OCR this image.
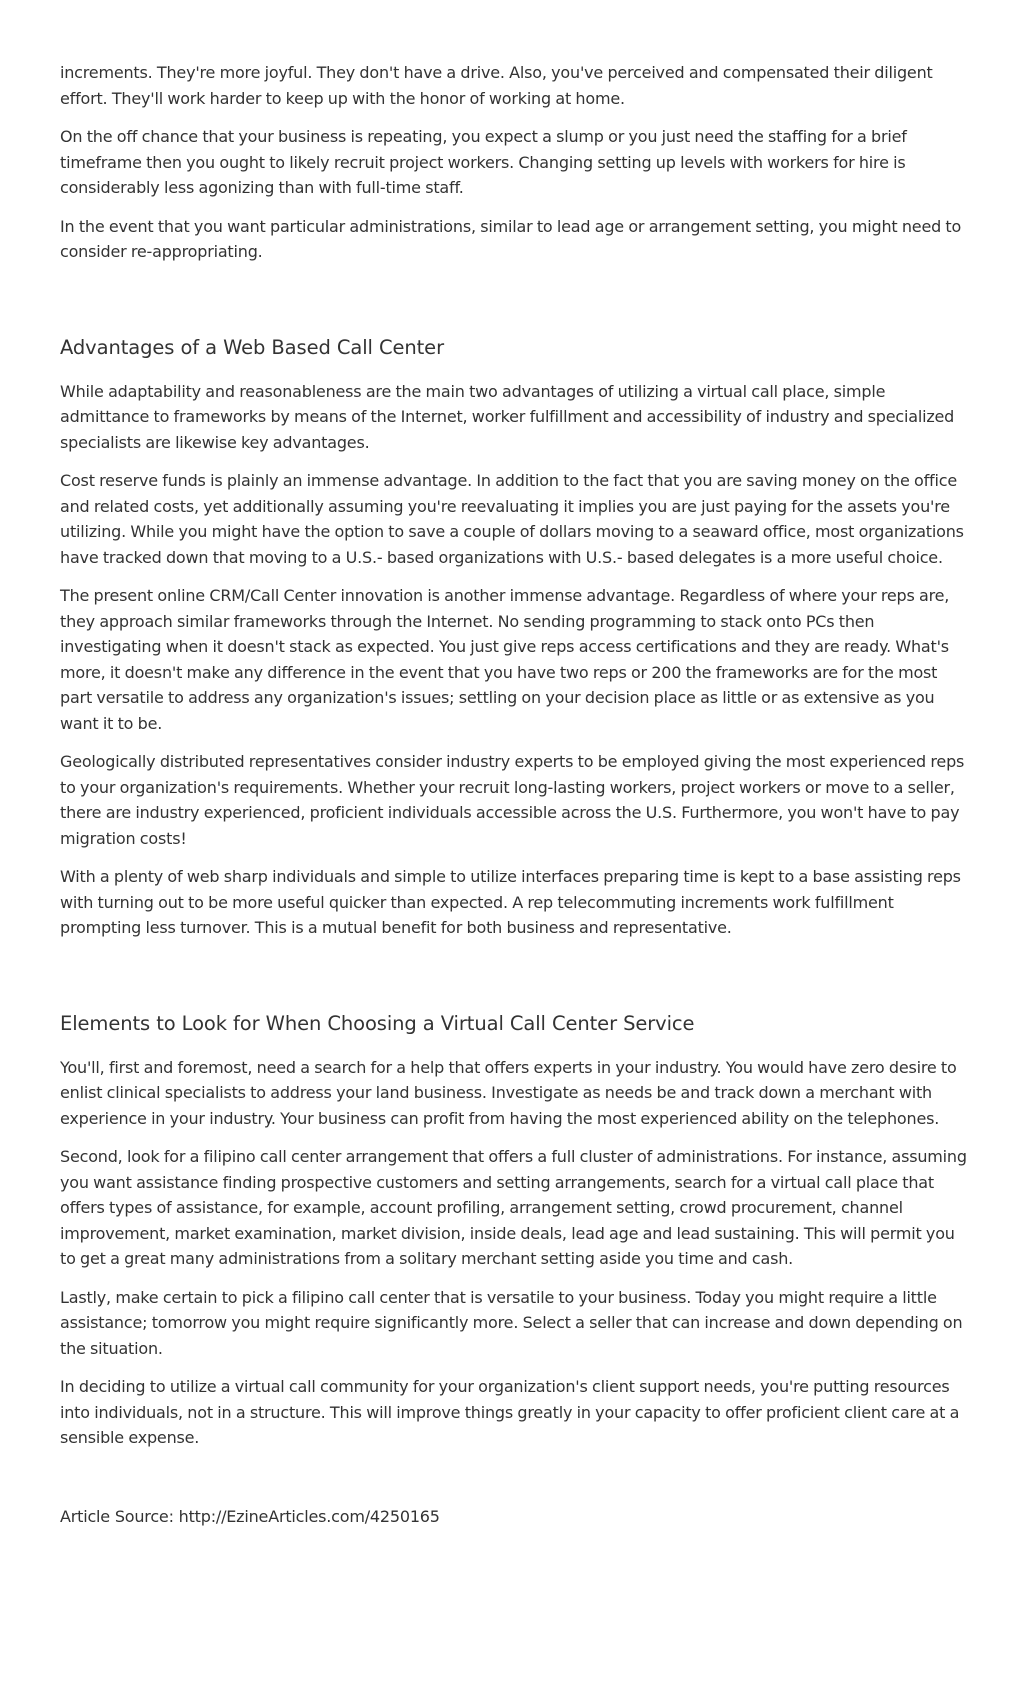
increments. They're more joyful. They don't have a drive. Also, you've perceived and compensated their diligent effort. They'll work harder to keep up with the honor of working at home.

On the off chance that your business is repeating, you expect a slump or you just need the staffing for a brief timeframe then you ought to likely recruit project workers. Changing setting up levels with workers for hire is considerably less agonizing than with full-time staff.

In the event that you want particular administrations, similar to lead age or arrangement setting, you might need to consider re-appropriating.

Advantages of a Web Based Call Center

While adaptability and reasonableness are the main two advantages of utilizing a virtual call place, simple admittance to frameworks by means of the Internet, worker fulfillment and accessibility of industry and specialized specialists are likewise key advantages.

Cost reserve funds is plainly an immense advantage. In addition to the fact that you are saving money on the office and related costs, yet additionally assuming you're reevaluating it implies you are just paying for the assets you're utilizing. While you might have the option to save a couple of dollars moving to a seaward office, most organizations have tracked down that moving to a U.S.- based organizations with U.S.- based delegates is a more useful choice.

The present online CRM/Call Center innovation is another immense advantage. Regardless of where your reps are, they approach similar frameworks through the Internet. No sending programming to stack onto PCs then investigating when it doesn't stack as expected. You just give reps access certifications and they are ready. What's more, it doesn't make any difference in the event that you have two reps or 200 the frameworks are for the most part versatile to address any organization's issues; settling on your decision place as little or as extensive as you want it to be.

Geologically distributed representatives consider industry experts to be employed giving the most experienced reps to your organization's requirements. Whether your recruit long-lasting workers, project workers or move to a seller, there are industry experienced, proficient individuals accessible across the U.S. Furthermore, you won't have to pay migration costs!

With a plenty of web sharp individuals and simple to utilize interfaces preparing time is kept to a base assisting reps with turning out to be more useful quicker than expected. A rep telecommuting increments work fulfillment prompting less turnover. This is a mutual benefit for both business and representative.

Elements to Look for When Choosing a Virtual Call Center Service

You'll, first and foremost, need a search for a help that offers experts in your industry. You would have zero desire to enlist clinical specialists to address your land business. Investigate as needs be and track down a merchant with experience in your industry. Your business can profit from having the most experienced ability on the telephones.

Second, look for a filipino call center arrangement that offers a full cluster of administrations. For instance, assuming you want assistance finding prospective customers and setting arrangements, search for a virtual call place that offers types of assistance, for example, account profiling, arrangement setting, crowd procurement, channel improvement, market examination, market division, inside deals, lead age and lead sustaining. This will permit you to get a great many administrations from a solitary merchant setting aside you time and cash.

Lastly, make certain to pick a filipino call center that is versatile to your business. Today you might require a little assistance; tomorrow you might require significantly more. Select a seller that can increase and down depending on the situation.

In deciding to utilize a virtual call community for your organization's client support needs, you're putting resources into individuals, not in a structure. This will improve things greatly in your capacity to offer proficient client care at a sensible expense.

Article Source: http://EzineArticles.com/4250165
